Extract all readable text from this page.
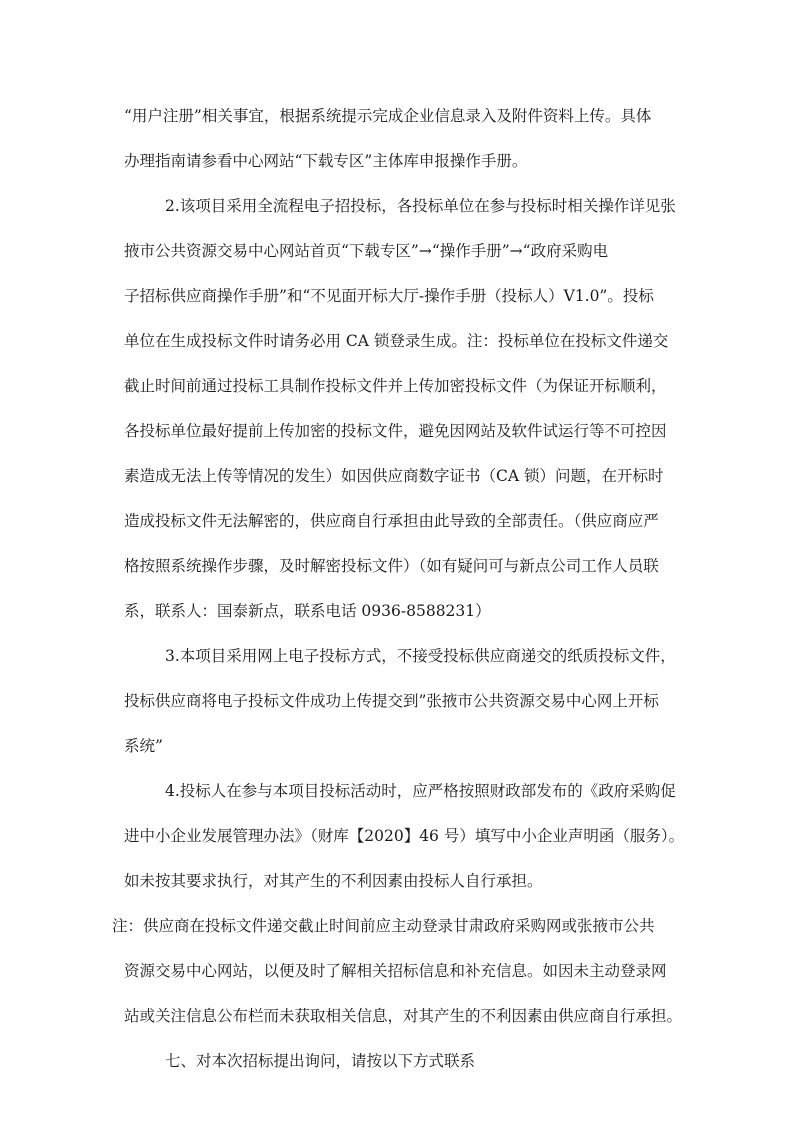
“用户注册”相关事宜，根据系统提示完成企业信息录入及附件资料上传。具体

办理指南请参看中心网站“下载专区”主体库申报操作手册。

2.该项目采用全流程电子招投标，各投标单位在参与投标时相关操作详见张

掖市公共资源交易中心网站首页“下载专区”→“操作手册”→“政府采购电

子招标供应商操作手册”和“不见面开标大厅-操作手册（投标人）V1.0”。投标

单位在生成投标文件时请务必用 CA 锁登录生成。注：投标单位在投标文件递交

截止时间前通过投标工具制作投标文件并上传加密投标文件（为保证开标顺利，

各投标单位最好提前上传加密的投标文件，避免因网站及软件试运行等不可控因

素造成无法上传等情况的发生）如因供应商数字证书（CA 锁）问题，在开标时

造成投标文件无法解密的，供应商自行承担由此导致的全部责任。（供应商应严

格按照系统操作步骤，及时解密投标文件）（如有疑问可与新点公司工作人员联

系，联系人：国泰新点，联系电话 0936-8588231）

3.本项目采用网上电子投标方式，不接受投标供应商递交的纸质投标文件，

投标供应商将电子投标文件成功上传提交到”张掖市公共资源交易中心网上开标

系统”

4.投标人在参与本项目投标活动时，应严格按照财政部发布的《政府采购促

进中小企业发展管理办法》（财库【2020】46 号）填写中小企业声明函（服务）。

如未按其要求执行，对其产生的不利因素由投标人自行承担。

注：供应商在投标文件递交截止时间前应主动登录甘肃政府采购网或张掖市公共

资源交易中心网站，以便及时了解相关招标信息和补充信息。如因未主动登录网

站或关注信息公布栏而未获取相关信息，对其产生的不利因素由供应商自行承担。

七、对本次招标提出询问，请按以下方式联系
